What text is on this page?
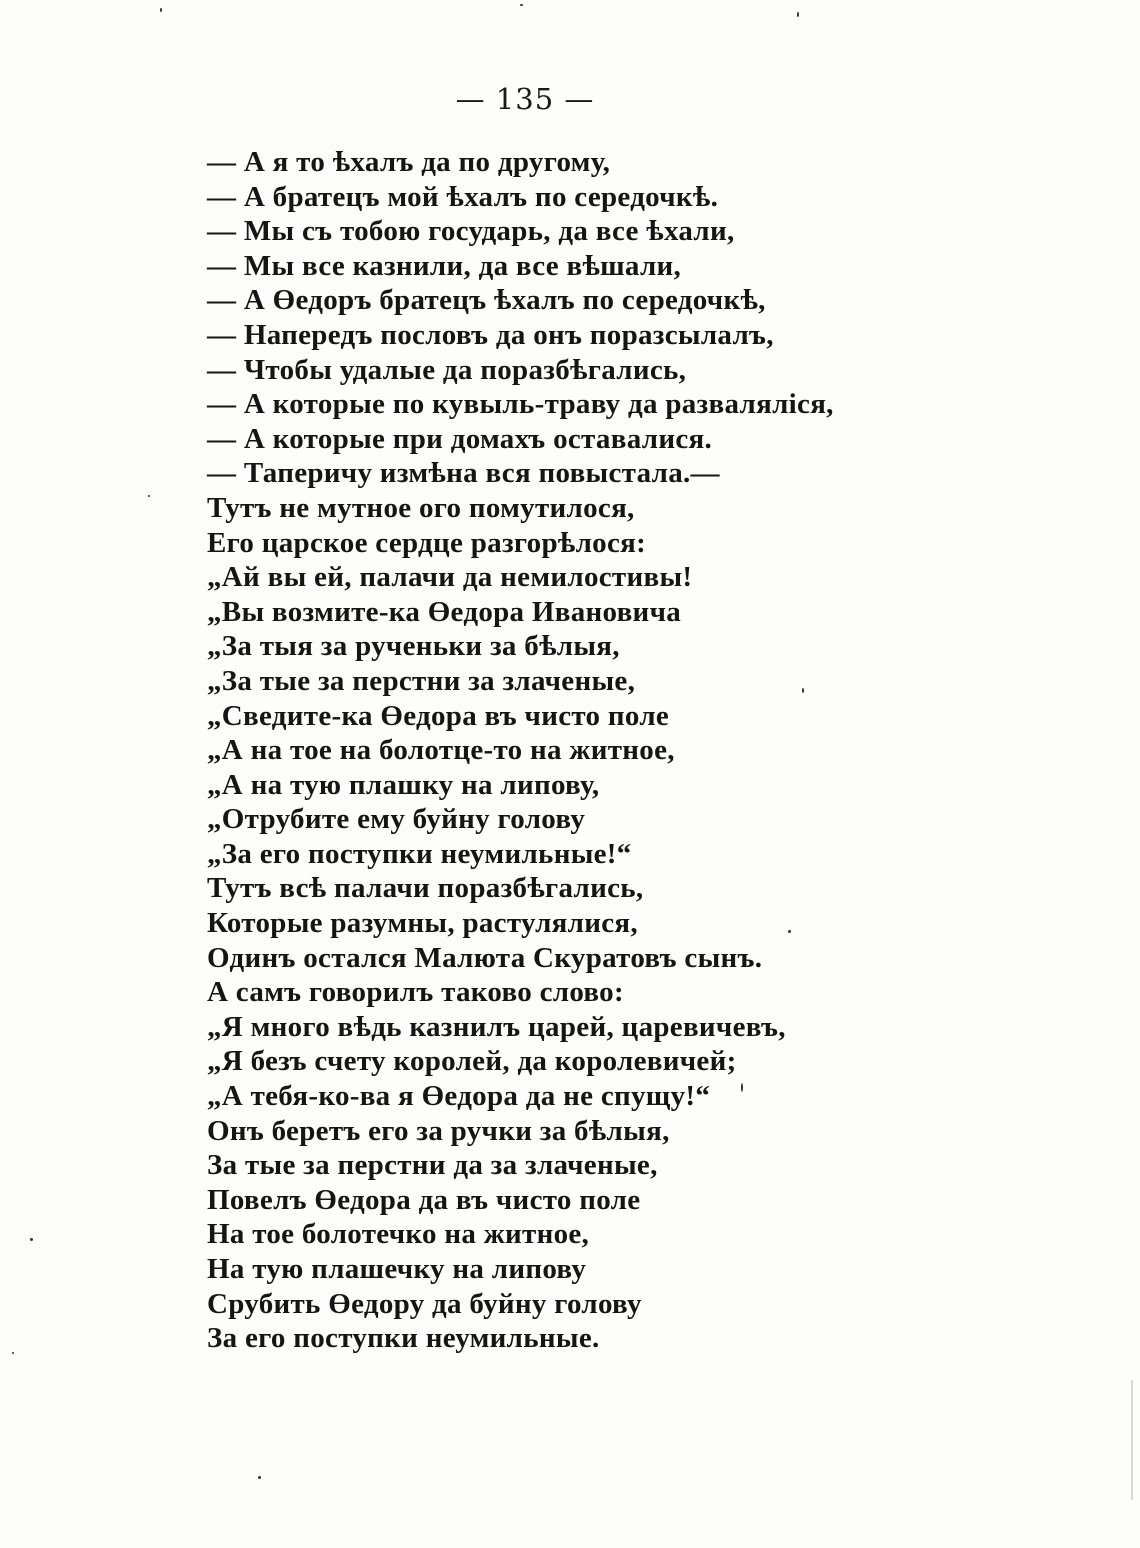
— 135 —
— А я то ѣхалъ да по другому,
— А братецъ мой ѣхалъ по середочкѣ.
— Мы съ тобою государь, да все ѣхали,
— Мы все казнили, да все вѣшали,
— А Өедоръ братецъ ѣхалъ по середочкѣ,
— Напередъ пословъ да онъ поразсылалъ,
— Чтобы удалые да поразбѣгались,
— А которые по кувыль-траву да разваляліся,
— А которые при домахъ оставалися.
— Таперичу измѣна вся повыстала.—
Тутъ не мутное ого помутилося,
Его царское сердце разгорѣлося:
„Ай вы ей, палачи да немилостивы!
„Вы возмите-ка Өедора Ивановича
„За тыя за рученьки за бѣлыя,
„За тые за перстни за злаченые,
„Сведите-ка Өедора въ чисто поле
„А на тое на болотце-то на житное,
„А на тую плашку на липову,
„Отрубите ему буйну голову
„За его поступки неумильные!“
Тутъ всѣ палачи поразбѣгались,
Которые разумны, растулялися,
Одинъ остался Малюта Скуратовъ сынъ.
А самъ говорилъ таково слово:
„Я много вѣдь казнилъ царей, царевичевъ,
„Я безъ счету королей, да королевичей;
„А тебя-ко-ва я Өедора да не спущу!“
Онъ беретъ его за ручки за бѣлыя,
За тые за перстни да за злаченые,
Повелъ Өедора да въ чисто поле
На тое болотечко на житное,
На тую плашечку на липову
Срубить Өедору да буйну голову
За его поступки неумильные.
